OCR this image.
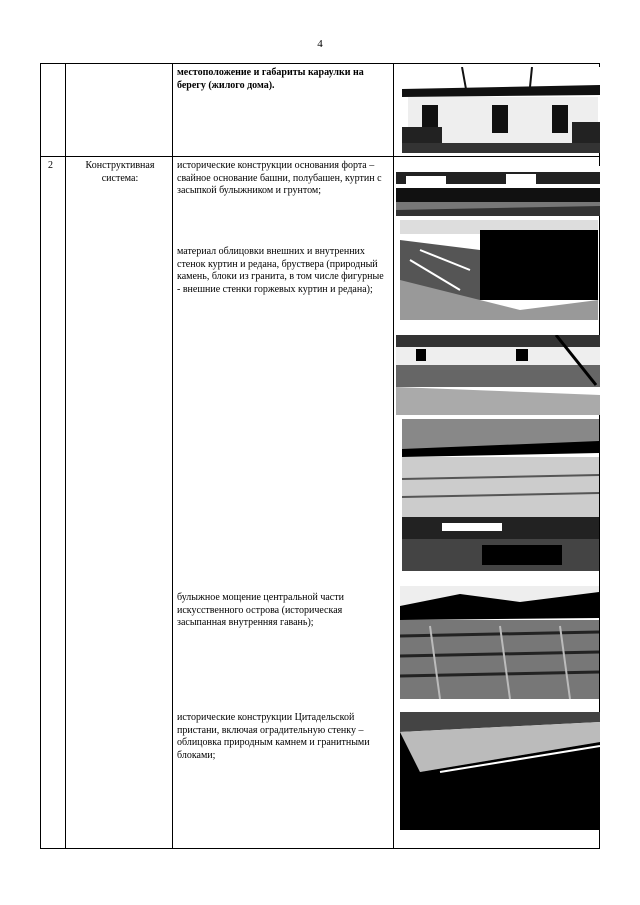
4
местоположение и габариты караулки на берегу (жилого дома).
2	Конструктивная система:
исторические конструкции основания форта – свайное основание башни, полубашен, куртин с засыпкой булыжником и грунтом;
материал облицовки внешних и внутренних стенок куртин и редана, бруствера (природный камень, блоки из гранита, в том числе фигурные - внешние стенки горжевых куртин и редана);
булыжное мощение центральной части искусственного острова (историческая засыпанная внутренняя гавань);
исторические конструкции Цитадельской пристани, включая оградительную стенку – облицовка природным камнем и гранитными блоками;
